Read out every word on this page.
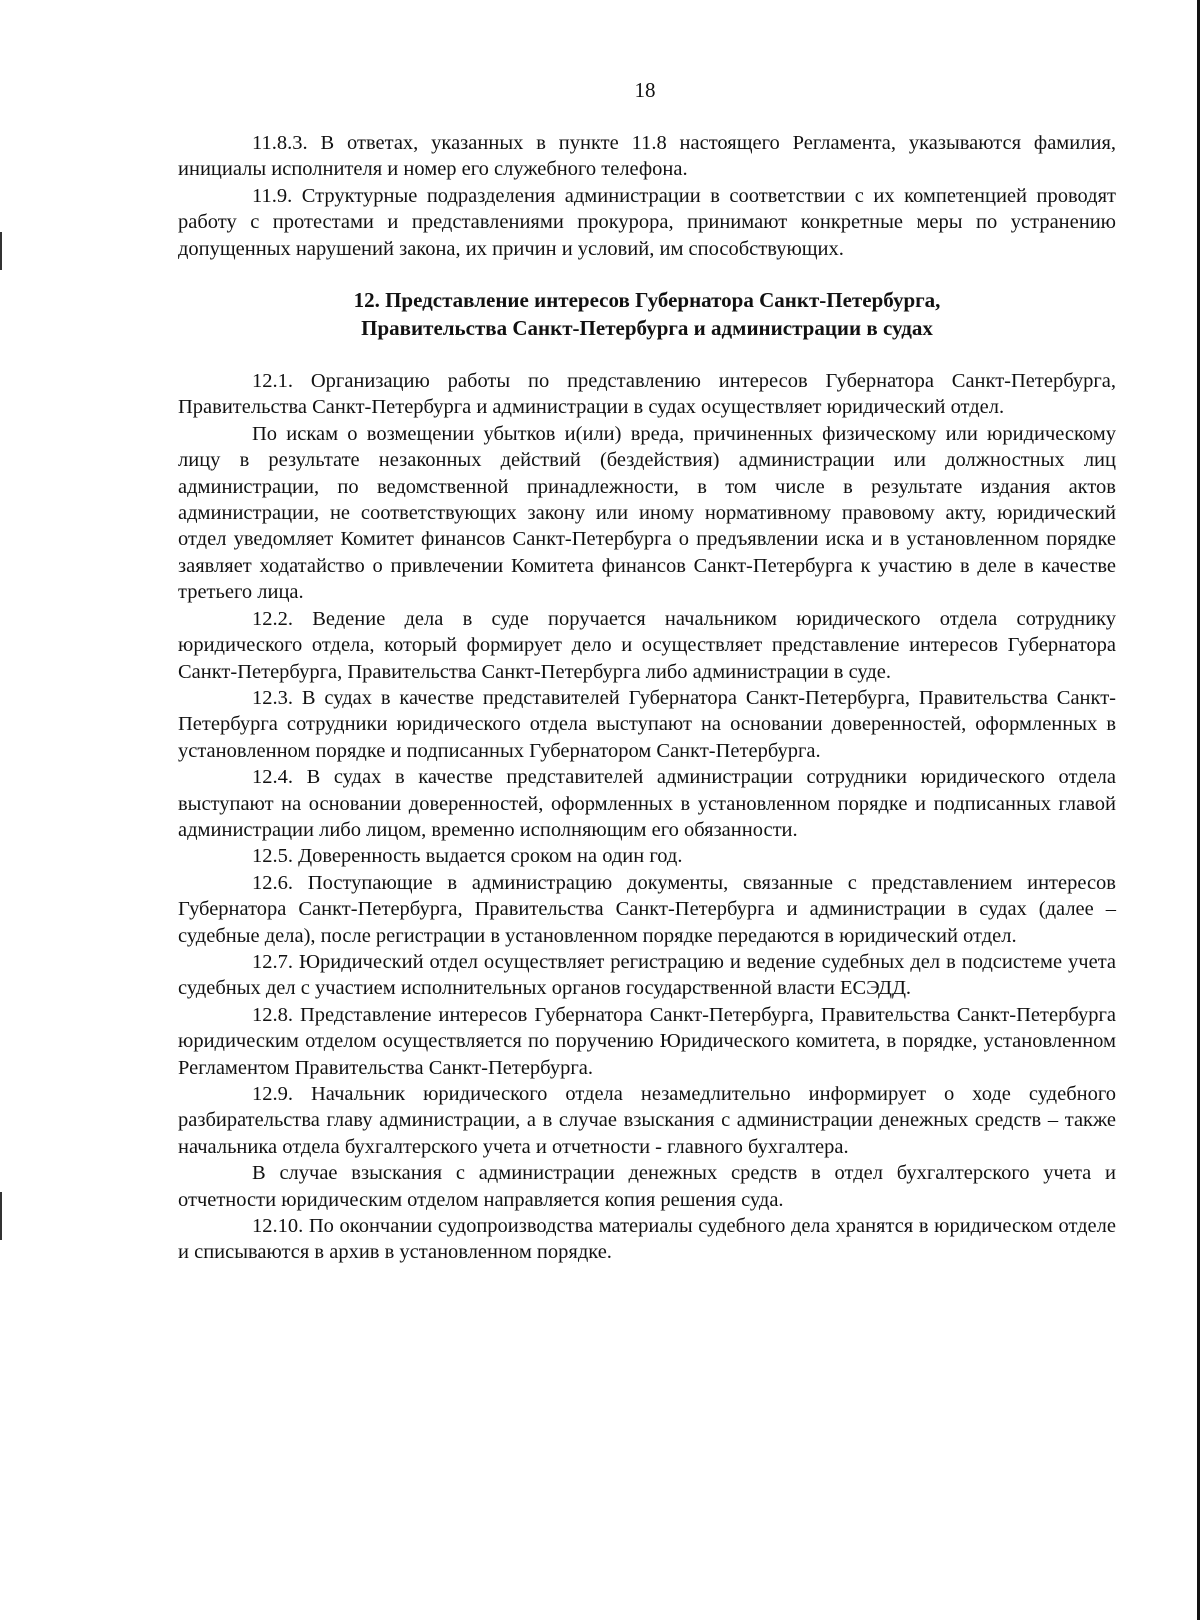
18

11.8.3. В ответах, указанных в пункте 11.8 настоящего Регламента, указываются фамилия, инициалы исполнителя и номер его служебного телефона.

11.9. Структурные подразделения администрации в соответствии с их компетенцией проводят работу с протестами и представлениями прокурора, принимают конкретные меры по устранению допущенных нарушений закона, их причин и условий, им способствующих.

12. Представление интересов Губернатора Санкт-Петербурга,
Правительства Санкт-Петербурга и администрации в судах

12.1. Организацию работы по представлению интересов Губернатора Санкт-Петербурга, Правительства Санкт-Петербурга и администрации в судах осуществляет юридический отдел.

По искам о возмещении убытков и(или) вреда, причиненных физическому или юридическому лицу в результате незаконных действий (бездействия) администрации или должностных лиц администрации, по ведомственной принадлежности, в том числе в результате издания актов администрации, не соответствующих закону или иному нормативному правовому акту, юридический отдел уведомляет Комитет финансов Санкт-Петербурга о предъявлении иска и в установленном порядке заявляет ходатайство о привлечении Комитета финансов Санкт-Петербурга к участию в деле в качестве третьего лица.

12.2. Ведение дела в суде поручается начальником юридического отдела сотруднику юридического отдела, который формирует дело и осуществляет представление интересов Губернатора Санкт-Петербурга, Правительства Санкт-Петербурга либо администрации в суде.

12.3. В судах в качестве представителей Губернатора Санкт-Петербурга, Правительства Санкт-Петербурга сотрудники юридического отдела выступают на основании доверенностей, оформленных в установленном порядке и подписанных Губернатором Санкт-Петербурга.

12.4. В судах в качестве представителей администрации сотрудники юридического отдела выступают на основании доверенностей, оформленных в установленном порядке и подписанных главой администрации либо лицом, временно исполняющим его обязанности.

12.5. Доверенность выдается сроком на один год.

12.6. Поступающие в администрацию документы, связанные с представлением интересов Губернатора Санкт-Петербурга, Правительства Санкт-Петербурга и администрации в судах (далее – судебные дела), после регистрации в установленном порядке передаются в юридический отдел.

12.7. Юридический отдел осуществляет регистрацию и ведение судебных дел в подсистеме учета судебных дел с участием исполнительных органов государственной власти ЕСЭДД.

12.8. Представление интересов Губернатора Санкт-Петербурга, Правительства Санкт-Петербурга юридическим отделом осуществляется по поручению Юридического комитета, в порядке, установленном Регламентом Правительства Санкт-Петербурга.

12.9. Начальник юридического отдела незамедлительно информирует о ходе судебного разбирательства главу администрации, а в случае взыскания с администрации денежных средств – также начальника отдела бухгалтерского учета и отчетности - главного бухгалтера.

В случае взыскания с администрации денежных средств в отдел бухгалтерского учета и отчетности юридическим отделом направляется копия решения суда.

12.10. По окончании судопроизводства материалы судебного дела хранятся в юридическом отделе и списываются в архив в установленном порядке.
